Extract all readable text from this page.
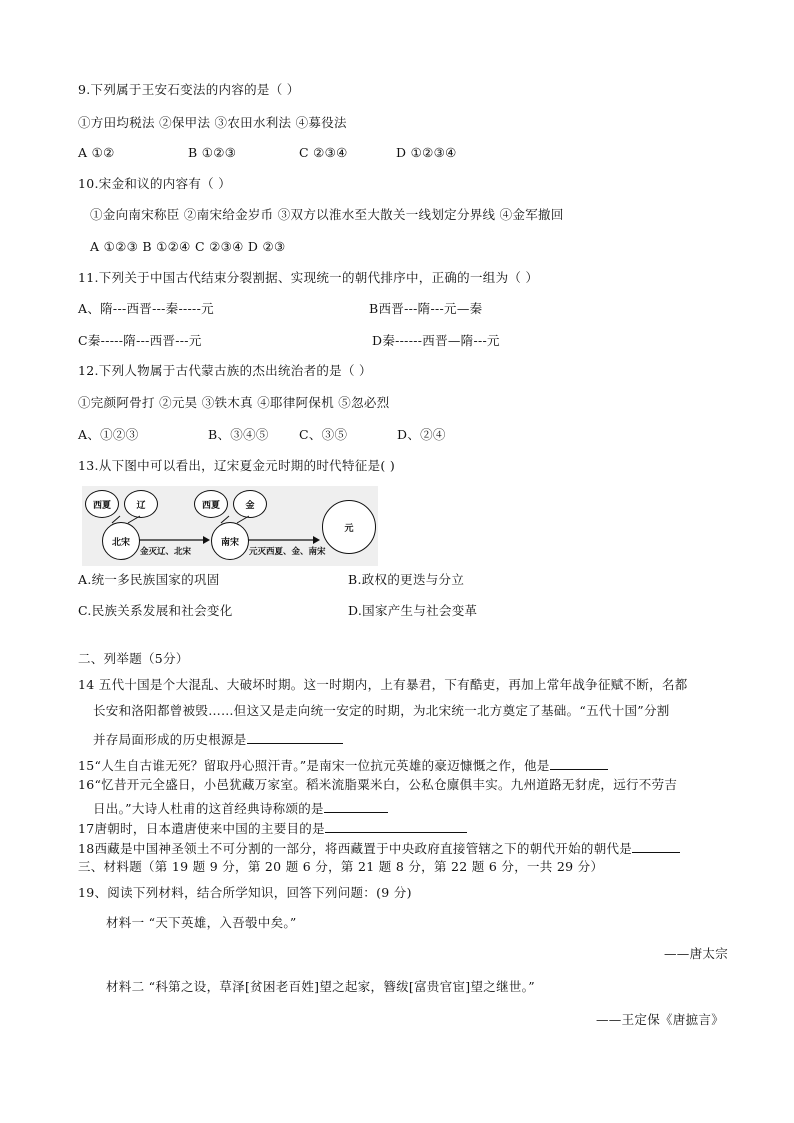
9.下列属于王安石变法的内容的是（ ）
①方田均税法 ②保甲法 ③农田水利法 ④募役法
A ①②	B ①②③	C ②③④	D ①②③④
10.宋金和议的内容有（ ）
①金向南宋称臣 ②南宋给金岁币 ③双方以淮水至大散关一线划定分界线 ④金军撤回
A ①②③ B ①②④ C ②③④ D ②③
11.下列关于中国古代结束分裂割据、实现统一的朝代排序中，正确的一组为（ ）
A、隋---西晋---秦-----元	B西晋---隋---元—秦
C秦-----隋---西晋---元	D秦------西晋—隋---元
12.下列人物属于古代蒙古族的杰出统治者的是（ ）
①完颜阿骨打 ②元昊 ③铁木真 ④耶律阿保机 ⑤忽必烈
A、①②③	B、③④⑤ C、③⑤	D、②④
13.从下图中可以看出，辽宋夏金元时期的时代特征是( )
西夏	辽
北宋
西夏	金
南宋
元
金灭辽、北宋	元灭西夏、金、南宋
A.统一多民族国家的巩固	B.政权的更迭与分立
C.民族关系发展和社会变化	D.国家产生与社会变革
二、列举题（5分）
14 五代十国是个大混乱、大破坏时期。这一时期内，上有暴君，下有酷吏，再加上常年战争征赋不断，名都
长安和洛阳都曾被毁……但这又是走向统一安定的时期，为北宋统一北方奠定了基础。“五代十国”分割
并存局面形成的历史根源是
15“人生自古谁无死？留取丹心照汗青。”是南宋一位抗元英雄的豪迈慷慨之作，他是
16“忆昔开元全盛日，小邑犹藏万家室。稻米流脂粟米白，公私仓廪俱丰实。九州道路无豺虎，远行不劳吉
日出。”大诗人杜甫的这首经典诗称颂的是
17唐朝时，日本遣唐使来中国的主要目的是
18西藏是中国神圣领土不可分割的一部分，将西藏置于中央政府直接管辖之下的朝代开始的朝代是
三、材料题（第 19 题 9 分，第 20 题 6 分，第 21 题 8 分，第 22 题 6 分，一共 29 分）
19、阅读下列材料，结合所学知识，回答下列问题：(9 分)
材料一 “天下英雄，入吾彀中矣。”
——唐太宗
材料二 “科第之设，草泽[贫困老百姓]望之起家，簪绂[富贵官宦]望之继世。”
——王定保《唐摭言》
